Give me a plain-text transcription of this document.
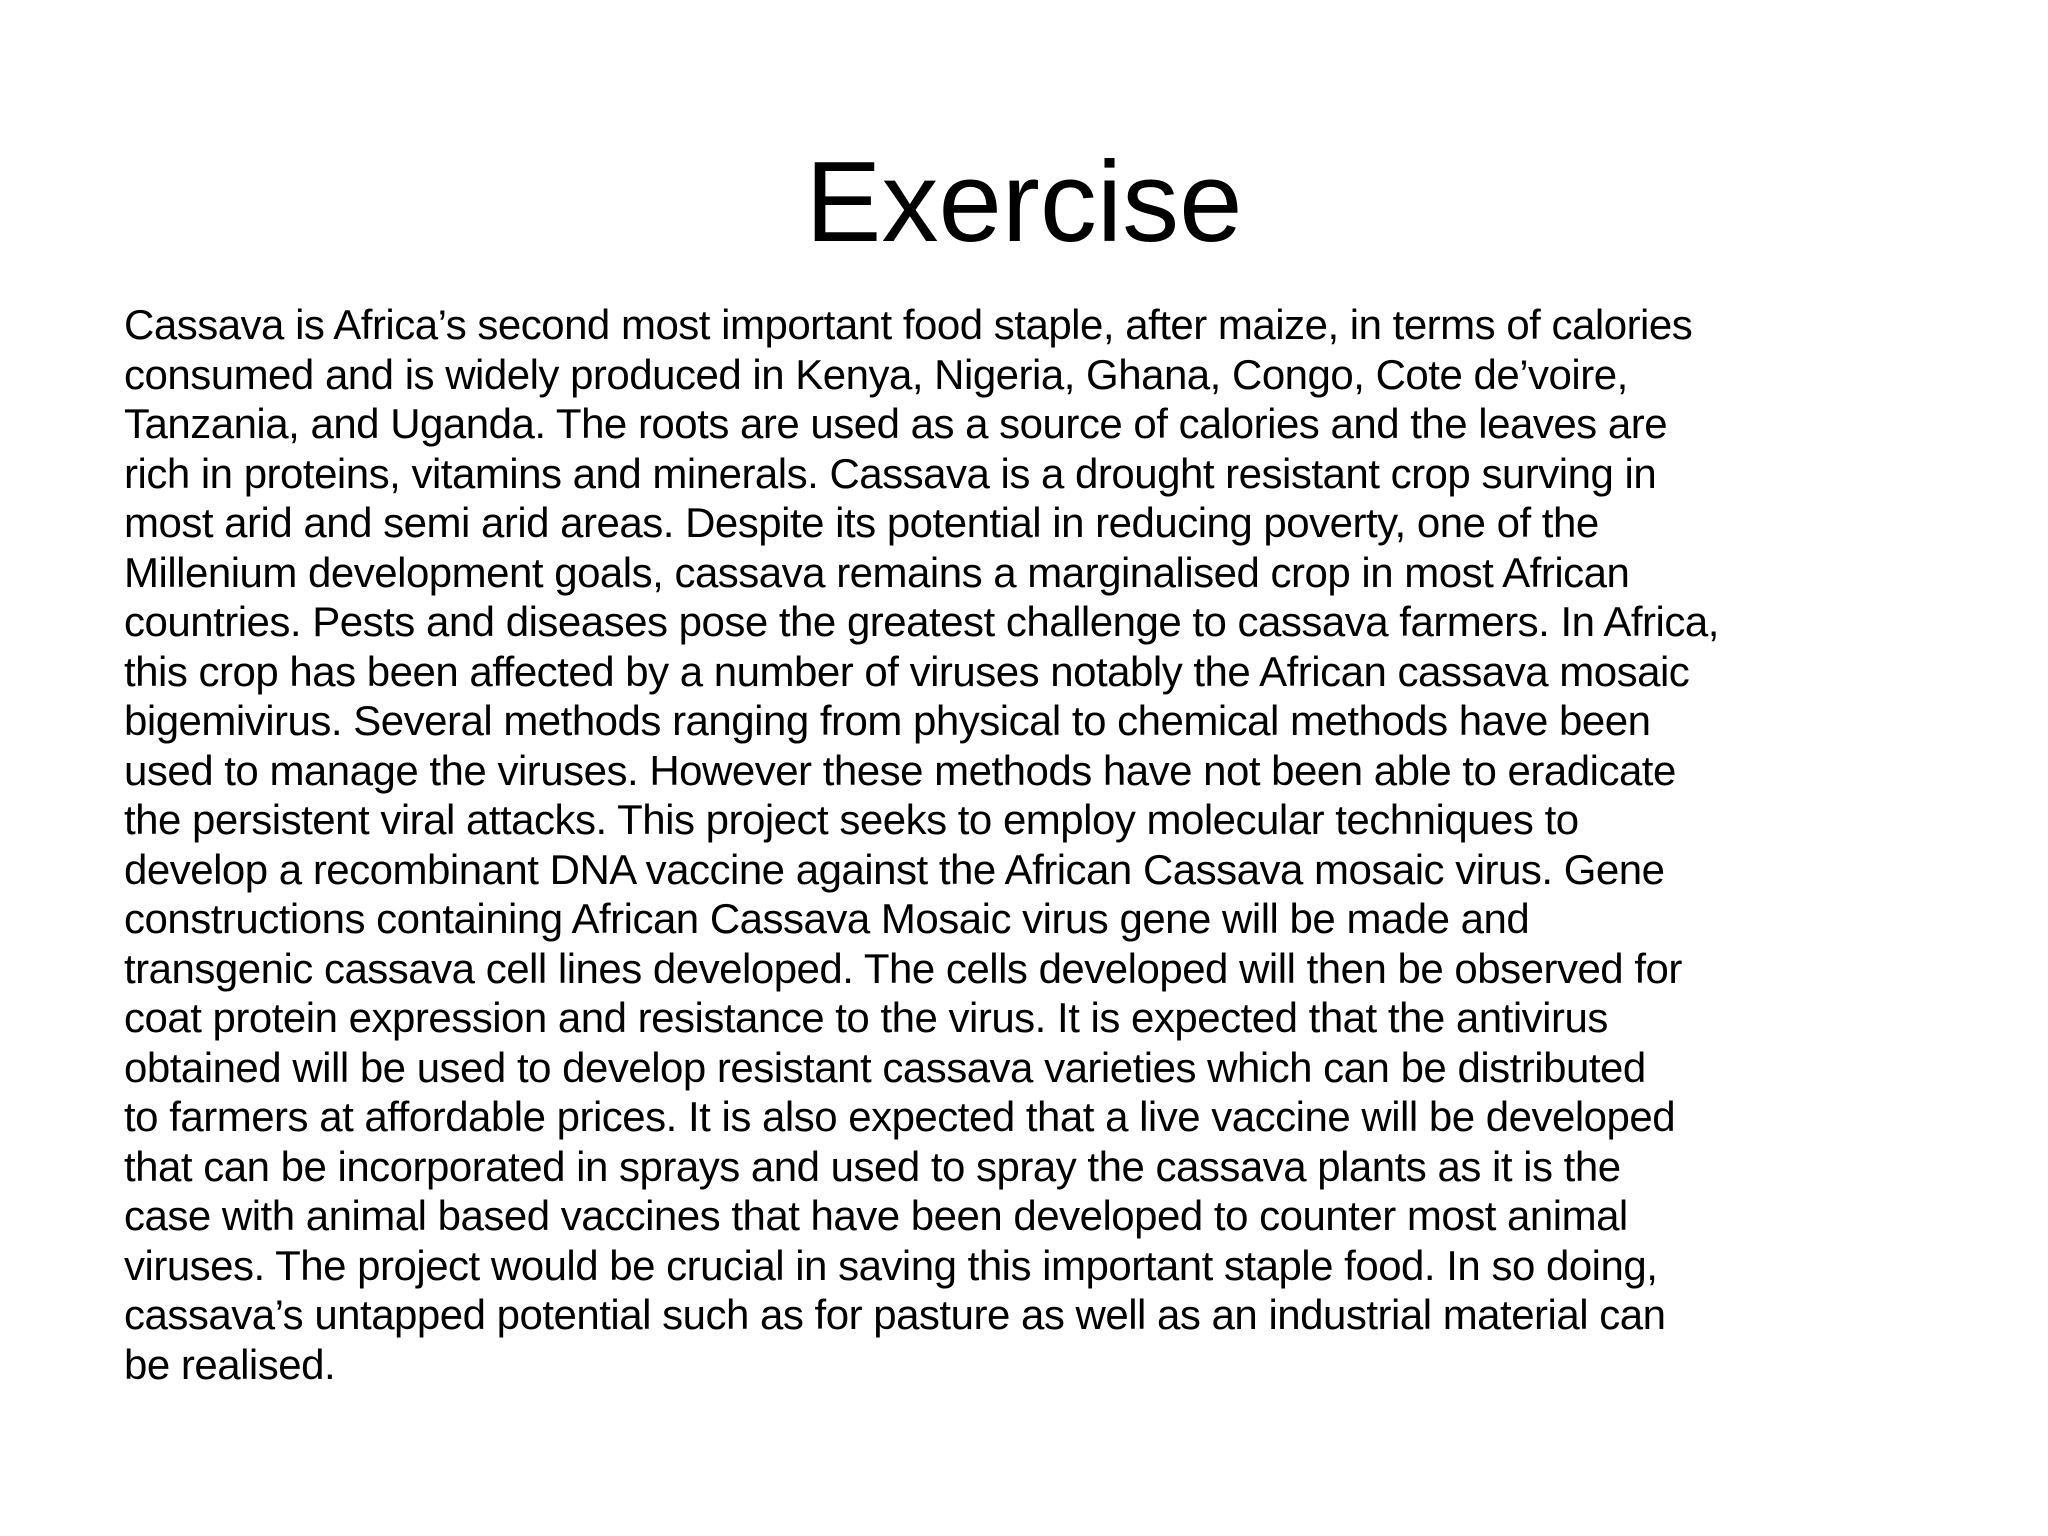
Exercise
Cassava is Africa’s second most important food staple, after maize, in terms of calories
consumed and is widely produced in Kenya, Nigeria, Ghana, Congo, Cote de’voire,
Tanzania, and Uganda. The roots are used as a source of calories and the leaves are
rich in proteins, vitamins and minerals. Cassava is a drought resistant crop surving in
most arid and semi arid areas. Despite its potential in reducing poverty, one of the
Millenium development goals, cassava remains a marginalised crop in most African
countries. Pests and diseases pose the greatest challenge to cassava farmers. In Africa,
this crop has been affected by a number of viruses notably the African cassava mosaic
bigemivirus. Several methods ranging from physical to chemical methods have been
used to manage the viruses. However these methods have not been able to eradicate
the persistent viral attacks. This project seeks to employ molecular techniques to
develop a recombinant DNA vaccine against the African Cassava mosaic virus. Gene
constructions containing African Cassava Mosaic virus gene will be made and
transgenic cassava cell lines developed. The cells developed will then be observed for
coat protein expression and resistance to the virus. It is expected that the antivirus
obtained will be used to develop resistant cassava varieties which can be distributed
to farmers at affordable prices. It is also expected that a live vaccine will be developed
that can be incorporated in sprays and used to spray the cassava plants as it is the
case with animal based vaccines that have been developed to counter most animal
viruses. The project would be crucial in saving this important staple food. In so doing,
cassava’s untapped potential such as for pasture as well as an industrial material can
be realised.
